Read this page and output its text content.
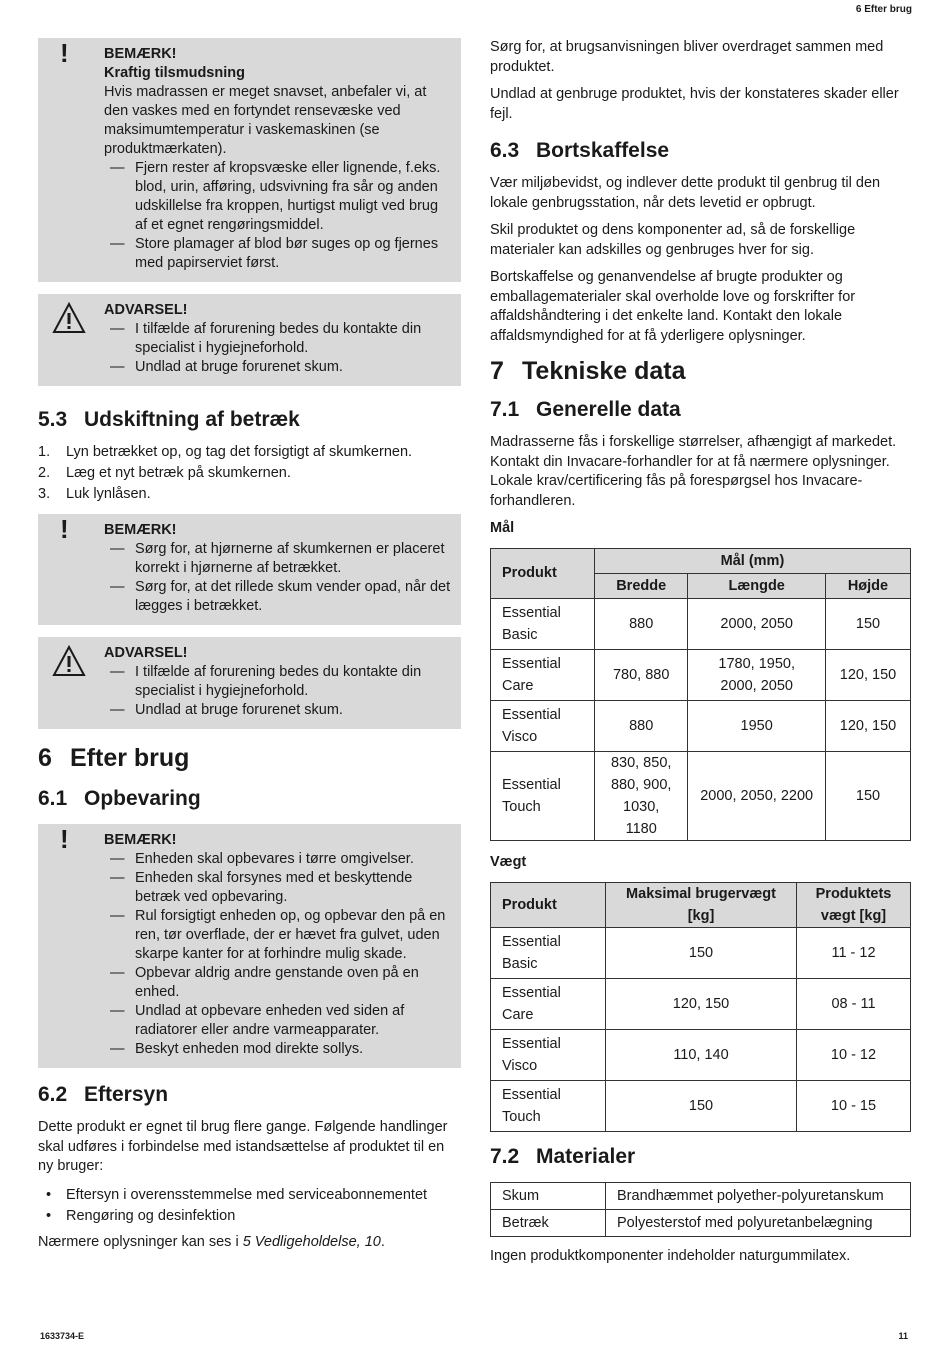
6 Efter brug
! BEMÆRK!
Kraftig tilsmudsning
Hvis madrassen er meget snavset, anbefaler vi, at den vaskes med en fortyndet rensevæske ved maksimumtemperatur i vaskemaskinen (se produktmærkaten).
— Fjern rester af kropsvæske eller lignende, f.eks. blod, urin, afføring, udsvivning fra sår og anden udskillelse fra kroppen, hurtigst muligt ved brug af et egnet rengøringsmiddel.
— Store plamager af blod bør suges op og fjernes med papirserviet først.
ADVARSEL!
— I tilfælde af forurening bedes du kontakte din specialist i hygiejneforhold.
— Undlad at bruge forurenet skum.
5.3 Udskiftning af betræk
1. Lyn betrækket op, og tag det forsigtigt af skumkernen.
2. Læg et nyt betræk på skumkernen.
3. Luk lynlåsen.
! BEMÆRK!
— Sørg for, at hjørnerne af skumkernen er placeret korrekt i hjørnerne af betrækket.
— Sørg for, at det rillede skum vender opad, når det lægges i betrækket.
ADVARSEL!
— I tilfælde af forurening bedes du kontakte din specialist i hygiejneforhold.
— Undlad at bruge forurenet skum.
6 Efter brug
6.1 Opbevaring
! BEMÆRK!
— Enheden skal opbevares i tørre omgivelser.
— Enheden skal forsynes med et beskyttende betræk ved opbevaring.
— Rul forsigtigt enheden op, og opbevar den på en ren, tør overflade, der er hævet fra gulvet, uden skarpe kanter for at forhindre mulig skade.
— Opbevar aldrig andre genstande oven på en enhed.
— Undlad at opbevare enheden ved siden af radiatorer eller andre varmeapparater.
— Beskyt enheden mod direkte sollys.
6.2 Eftersyn

Dette produkt er egnet til brug flere gange. Følgende handlinger skal udføres i forbindelse med istandsættelse af produktet til en ny bruger:

• Eftersyn i overensstemmelse med serviceabonnementet
• Rengøring og desinfektion

Nærmere oplysninger kan ses i 5 Vedligeholdelse, 10.

Sørg for, at brugsanvisningen bliver overdraget sammen med produktet.

Undlad at genbruge produktet, hvis der konstateres skader eller fejl.

6.3 Bortskaffelse

Vær miljøbevidst, og indlever dette produkt til genbrug til den lokale genbrugsstation, når dets levetid er opbrugt.

Skil produktet og dens komponenter ad, så de forskellige materialer kan adskilles og genbruges hver for sig.

Bortskaffelse og genanvendelse af brugte produkter og emballagematerialer skal overholde love og forskrifter for affaldshåndtering i det enkelte land. Kontakt den lokale affaldsmyndighed for at få yderligere oplysninger.

7 Tekniske data
7.1 Generelle data

Madrasserne fås i forskellige størrelser, afhængigt af markedet. Kontakt din Invacare-forhandler for at få nærmere oplysninger. Lokale krav/certificering fås på forespørgsel hos Invacare-forhandleren.

Mål

Produkt	Mål (mm)		
	Bredde	Længde	Højde
Essential Basic	880	2000, 2050	150
Essential Care	780, 880	1780, 1950, 2000, 2050	120, 150
Essential Visco	880	1950	120, 150
Essential Touch	830, 850, 880, 900, 1030, 1180	2000, 2050, 2200	150

Vægt

Produkt	Maksimal brugervægt [kg]	Produktets vægt [kg]
Essential Basic	150	11 - 12
Essential Care	120, 150	08 - 11
Essential Visco	110, 140	10 - 12
Essential Touch	150	10 - 15
7.2 Materialer
Skum	Brandhæmmet polyether-polyuretanskum
Betræk	Polyesterstof med polyuretanbelægning

Ingen produktkomponenter indeholder naturgummilatex.

1633734-E	11
